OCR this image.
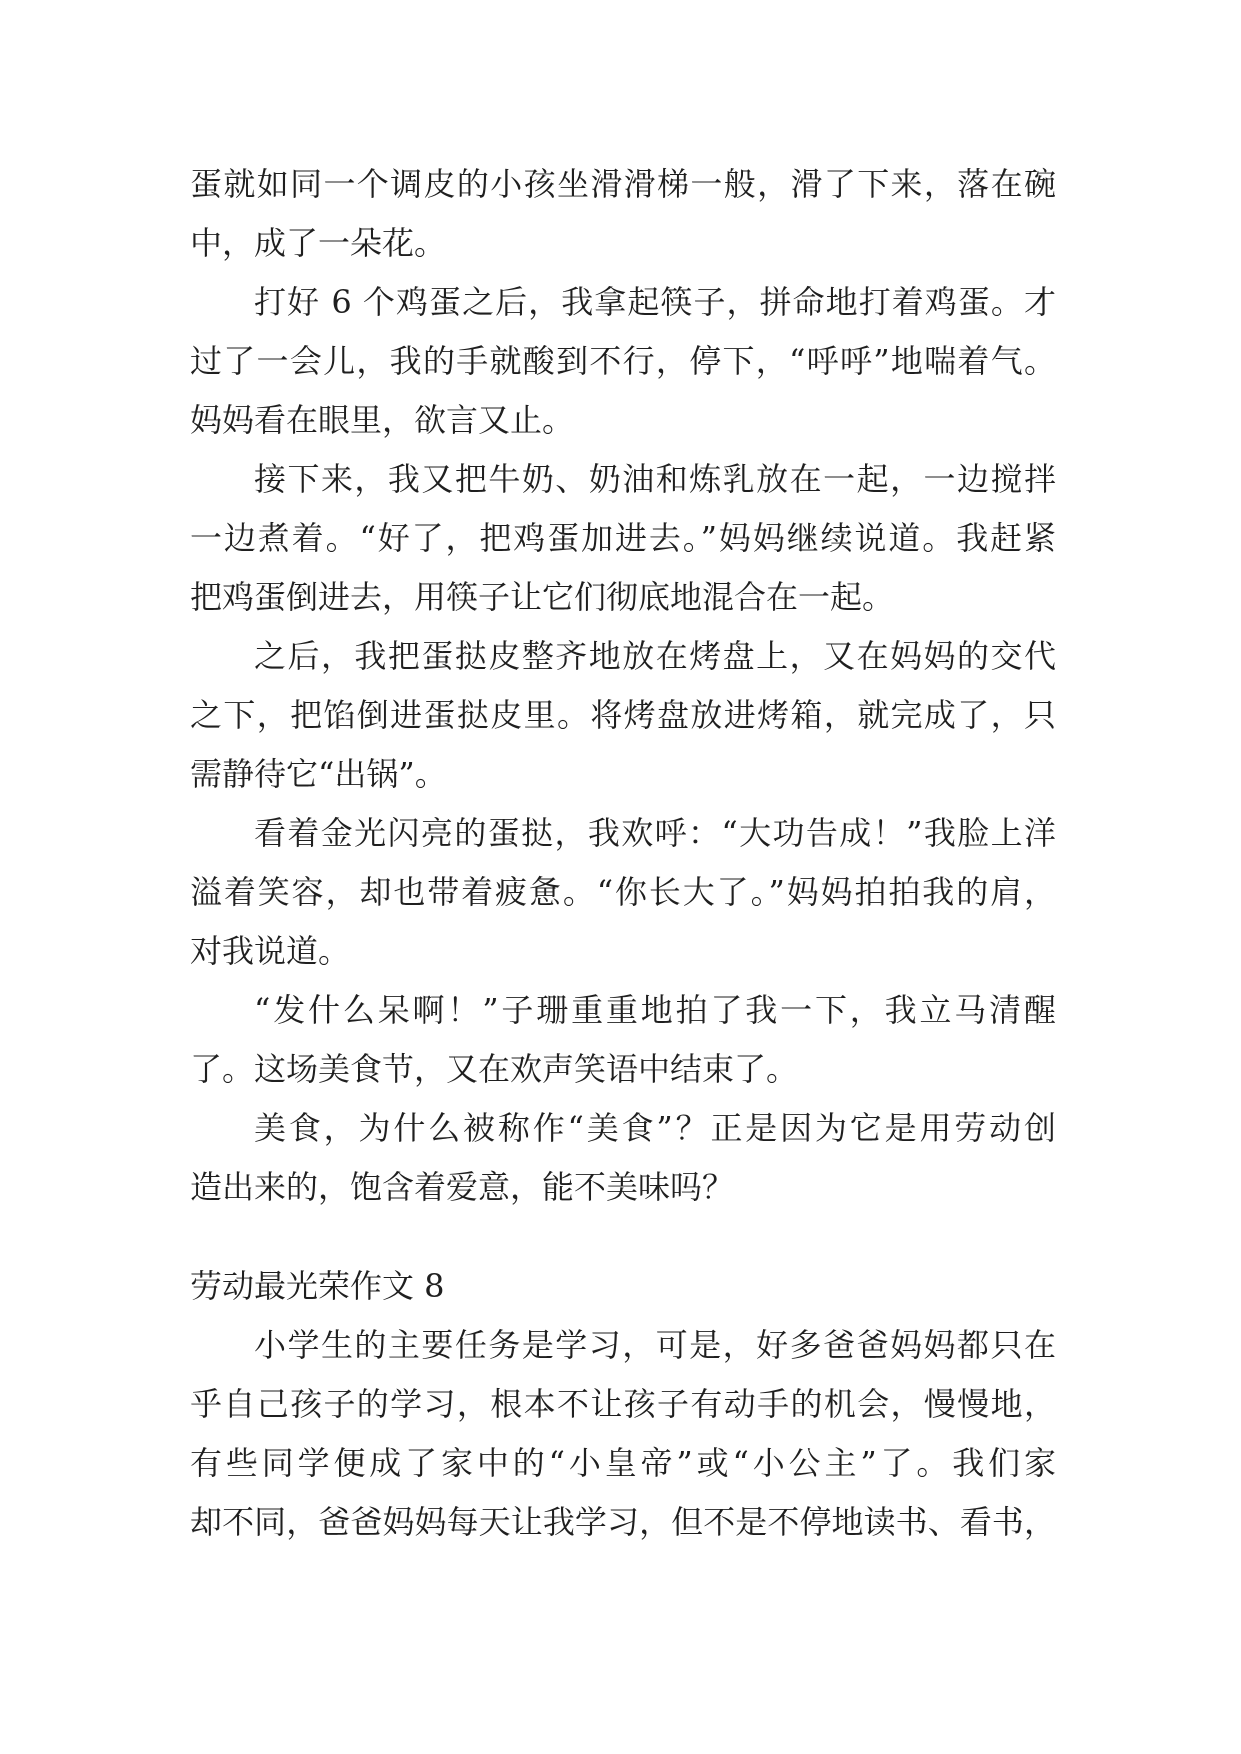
蛋就如同一个调皮的小孩坐滑滑梯一般，滑了下来，落在碗
中，成了一朵花。
打好 6 个鸡蛋之后，我拿起筷子，拼命地打着鸡蛋。才
过了一会儿，我的手就酸到不行，停下，“呼呼”地喘着气。
妈妈看在眼里，欲言又止。
接下来，我又把牛奶、奶油和炼乳放在一起，一边搅拌
一边煮着。“好了，把鸡蛋加进去。”妈妈继续说道。我赶紧
把鸡蛋倒进去，用筷子让它们彻底地混合在一起。
之后，我把蛋挞皮整齐地放在烤盘上，又在妈妈的交代
之下，把馅倒进蛋挞皮里。将烤盘放进烤箱，就完成了，只
需静待它“出锅”。
看着金光闪亮的蛋挞，我欢呼：“大功告成！”我脸上洋
溢着笑容，却也带着疲惫。“你长大了。”妈妈拍拍我的肩，
对我说道。
“发什么呆啊！”子珊重重地拍了我一下，我立马清醒
了。这场美食节，又在欢声笑语中结束了。
美食，为什么被称作“美食”？正是因为它是用劳动创
造出来的，饱含着爱意，能不美味吗？
劳动最光荣作文 8
小学生的主要任务是学习，可是，好多爸爸妈妈都只在
乎自己孩子的学习，根本不让孩子有动手的机会，慢慢地，
有些同学便成了家中的“小皇帝”或“小公主”了。我们家
却不同，爸爸妈妈每天让我学习，但不是不停地读书、看书，
